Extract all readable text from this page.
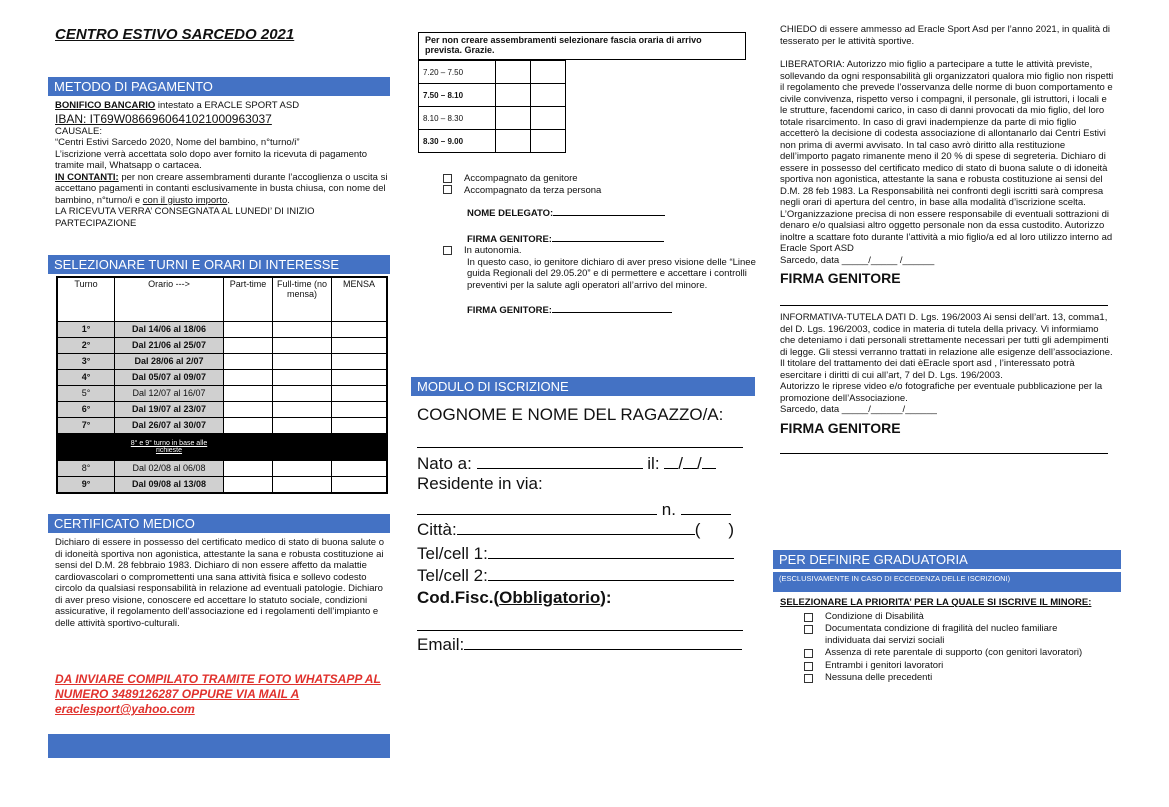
CENTRO ESTIVO SARCEDO 2021
METODO DI PAGAMENTO
BONIFICO BANCARIO intestato a ERACLE SPORT ASD
IBAN: IT69W0866960641021000963037
CAUSALE:
“Centri Estivi Sarcedo 2020, Nome del bambino, n°turno/i”
L’iscrizione verrà accettata solo dopo aver fornito la ricevuta di pagamento tramite mail, Whatsapp o cartacea.
IN CONTANTI: per non creare assembramenti durante l’accoglienza o uscita si accettano pagamenti in contanti esclusivamente in busta chiusa, con nome del bambino, n°turno/i e con il giusto importo.
LA RICEVUTA VERRA’ CONSEGNATA AL LUNEDI’ DI INIZIO PARTECIPAZIONE
SELEZIONARE TURNI E ORARI DI INTERESSE
Turno	Orario --->	Part-time	Full-time (no mensa)	MENSA
1°	Dal 14/06 al 18/06			
2°	Dal 21/06 al 25/07			
3°	Dal 28/06 al 2/07			
4°	Dal 05/07 al 09/07			
5°	Dal 12/07 al 16/07			
6°	Dal 19/07 al 23/07			
7°	Dal 26/07 al 30/07			
	8° e 9° turno in base alle richieste			
8°	Dal 02/08 al 06/08			
9°	Dal 09/08 al 13/08			
CERTIFICATO MEDICO
Dichiaro di essere in possesso del certificato medico di stato di buona salute o di idoneità sportiva non agonistica, attestante la sana e robusta costituzione ai sensi del D.M. 28 febbraio 1983. Dichiaro di non essere affetto da malattie cardiovascolari o compromettenti una sana attività fisica e sollevo codesto circolo da qualsiasi responsabilità in relazione ad eventuali patologie. Dichiaro di aver preso visione, conoscere ed accettare lo statuto sociale, condizioni assicurative, il regolamento dell’associazione ed i regolamenti dell’impianto e delle attività sportivo-culturali.
DA INVIARE COMPILATO TRAMITE FOTO WHATSAPP AL
NUMERO 3489126287 OPPURE VIA MAIL A
eraclesport@yahoo.com
Per non creare assembramenti selezionare fascia oraria di arrivo prevista. Grazie.
7.20 – 7.50		
7.50 – 8.10		
8.10 – 8.30		
8.30 – 9.00		
Accompagnato da genitore
Accompagnato da terza persona
NOME DELEGATO:
FIRMA GENITORE:
In autonomia.
In questo caso, io genitore dichiaro di aver preso visione delle “Linee guida Regionali del 29.05.20” e di permettere e accettare i controlli preventivi per la salute agli operatori all’arrivo del minore.
FIRMA GENITORE:
MODULO DI ISCRIZIONE
COGNOME E NOME DEL RAGAZZO/A:
Nato a:	il: / /
Residente in via:
n.
Città:	( )
Tel/cell 1:
Tel/cell 2:
Cod.Fisc.(Obbligatorio):
Email:
CHIEDO di essere ammesso ad Eracle Sport Asd per l’anno 2021, in qualità di tesserato per le attività sportive.
LIBERATORIA: Autorizzo mio figlio a partecipare a tutte le attività previste, sollevando da ogni responsabilità gli organizzatori qualora mio figlio non rispetti il regolamento che prevede l’osservanza delle norme di buon comportamento e civile convivenza, rispetto verso i compagni, il personale, gli istruttori, i locali e le strutture, facendomi carico, in caso di danni provocati da mio figlio, del loro totale risarcimento. In caso di gravi inadempienze da parte di mio figlio accetterò la decisione di codesta associazione di allontanarlo dai Centri Estivi non prima di avermi avvisato. In tal caso avrò diritto alla restituzione dell’importo pagato rimanente meno il 20 % di spese di segreteria. Dichiaro di essere in possesso del certificato medico di stato di buona salute o di idoneità sportiva non agonistica, attestante la sana e robusta costituzione ai sensi del D.M. 28 feb 1983. La Responsabilità nei confronti degli iscritti sarà compresa negli orari di apertura del centro, in base alla modalità d’iscrizione scelta. L’Organizzazione precisa di non essere responsabile di eventuali sottrazioni di denaro e/o qualsiasi altro oggetto personale non da essa custodito. Autorizzo inoltre a scattare foto durante l’attività a mio figlio/a ed al loro utilizzo interno ad Eracle Sport ASD
Sarcedo, data _____/_____ /______
FIRMA GENITORE
INFORMATIVA-TUTELA DATI D. Lgs. 196/2003 Ai sensi dell’art. 13, comma1, del D. Lgs. 196/2003, codice in materia di tutela della privacy. Vi informiamo che deteniamo i dati personali strettamente necessari per tutti gli adempimenti di legge. Gli stessi verranno trattati in relazione alle esigenze dell’associazione. Il titolare del trattamento dei dati èEracle sport asd , l’interessato potrà esercitare i diritti di cui all’art, 7 del D. Lgs. 196/2003.
Autorizzo le riprese video e/o fotografiche per eventuale pubblicazione per la promozione dell’Associazione.
Sarcedo, data _____/______/______
FIRMA GENITORE
PER DEFINIRE GRADUATORIA
(ESCLUSIVAMENTE IN CASO DI ECCEDENZA DELLE ISCRIZIONI)
SELEZIONARE LA PRIORITA’ PER LA QUALE SI ISCRIVE IL MINORE:
Condizione di Disabilità
Documentata condizione di fragilità del nucleo familiare individuata dai servizi sociali
Assenza di rete parentale di supporto (con genitori lavoratori)
Entrambi i genitori lavoratori
Nessuna delle precedenti
